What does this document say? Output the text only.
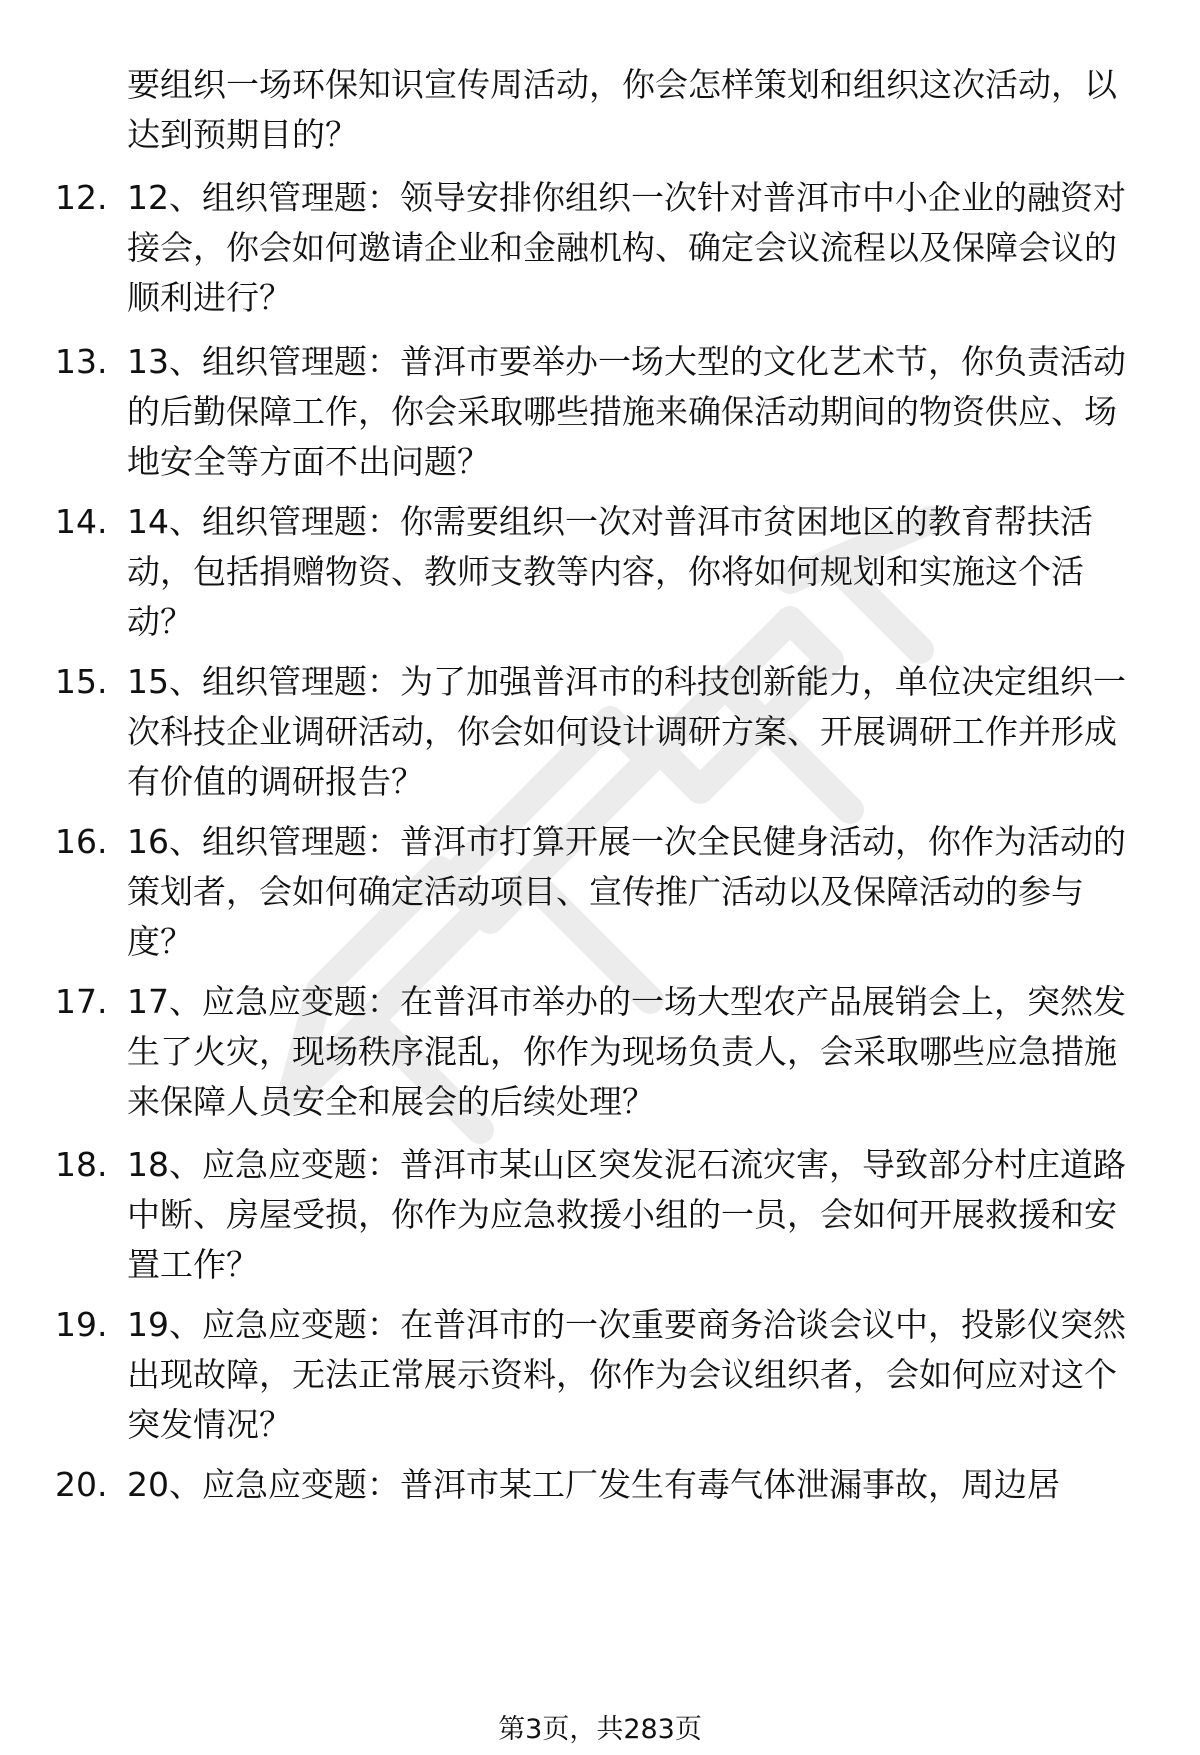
要组织一场环保知识宣传周活动，你会怎样策划和组织这次活动，以达到预期目的？

12. 12、组织管理题：领导安排你组织一次针对普洱市中小企业的融资对接会，你会如何邀请企业和金融机构、确定会议流程以及保障会议的顺利进行？

13. 13、组织管理题：普洱市要举办一场大型的文化艺术节，你负责活动的后勤保障工作，你会采取哪些措施来确保活动期间的物资供应、场地安全等方面不出问题？

14. 14、组织管理题：你需要组织一次对普洱市贫困地区的教育帮扶活动，包括捐赠物资、教师支教等内容，你将如何规划和实施这个活动？

15. 15、组织管理题：为了加强普洱市的科技创新能力，单位决定组织一次科技企业调研活动，你会如何设计调研方案、开展调研工作并形成有价值的调研报告？

16. 16、组织管理题：普洱市打算开展一次全民健身活动，你作为活动的策划者，会如何确定活动项目、宣传推广活动以及保障活动的参与度？

17. 17、应急应变题：在普洱市举办的一场大型农产品展销会上，突然发生了火灾，现场秩序混乱，你作为现场负责人，会采取哪些应急措施来保障人员安全和展会的后续处理？

18. 18、应急应变题：普洱市某山区突发泥石流灾害，导致部分村庄道路中断、房屋受损，你作为应急救援小组的一员，会如何开展救援和安置工作？

19. 19、应急应变题：在普洱市的一次重要商务洽谈会议中，投影仪突然出现故障，无法正常展示资料，你作为会议组织者，会如何应对这个突发情况？

20. 20、应急应变题：普洱市某工厂发生有毒气体泄漏事故，周边居

第3页，共283页
